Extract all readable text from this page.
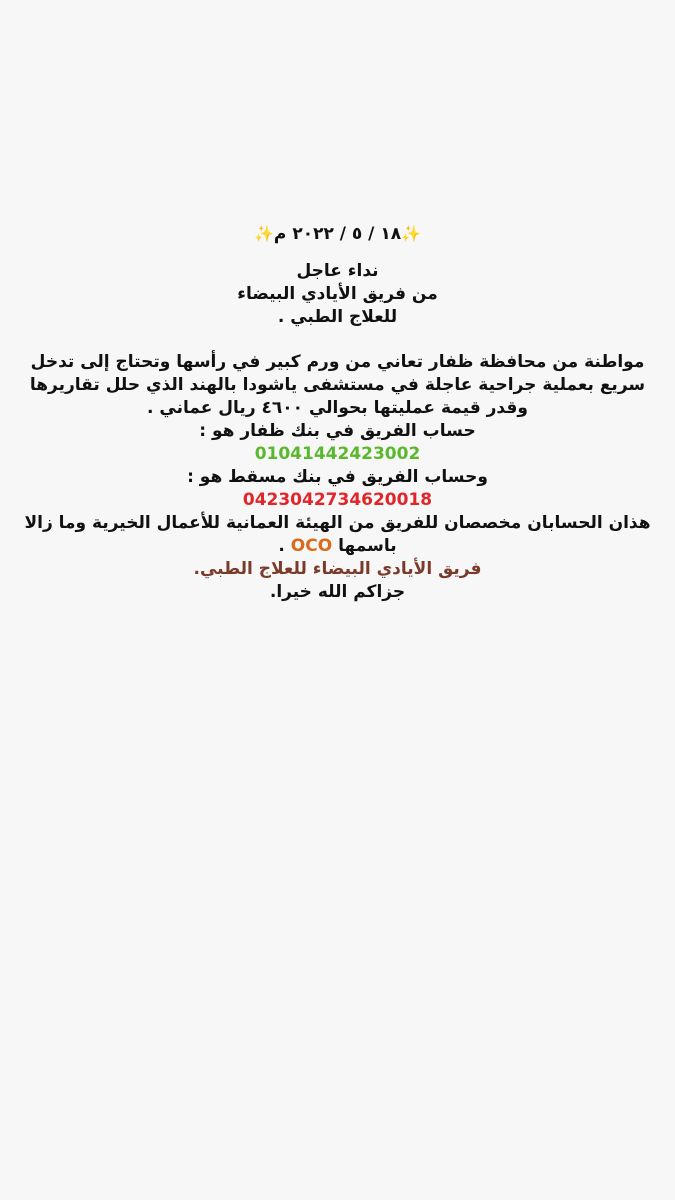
✨١٨ / ٥ / ٢٠٢٢ م✨
نداء عاجل
من فريق الأيادي البيضاء
للعلاج الطبي .

مواطنة من محافظة ظفار تعاني من ورم كبير في رأسها وتحتاج إلى تدخل

سريع بعملية جراحية عاجلة في مستشفى ياشودا بالهند الذي حلل تقاريرها

وقدر قيمة عمليتها بحوالي ٤٦٠٠ ريال عماني .

حساب الفريق في بنك ظفار هو :

01041442423002

وحساب الفريق في بنك مسقط هو :

0423042734620018

هذان الحسابان مخصصان للفريق من الهيئة العمانية للأعمال الخيرية وما زالا

باسمها OCO .

فريق الأيادي البيضاء للعلاج الطبي.

جزاكم الله خيرا.
